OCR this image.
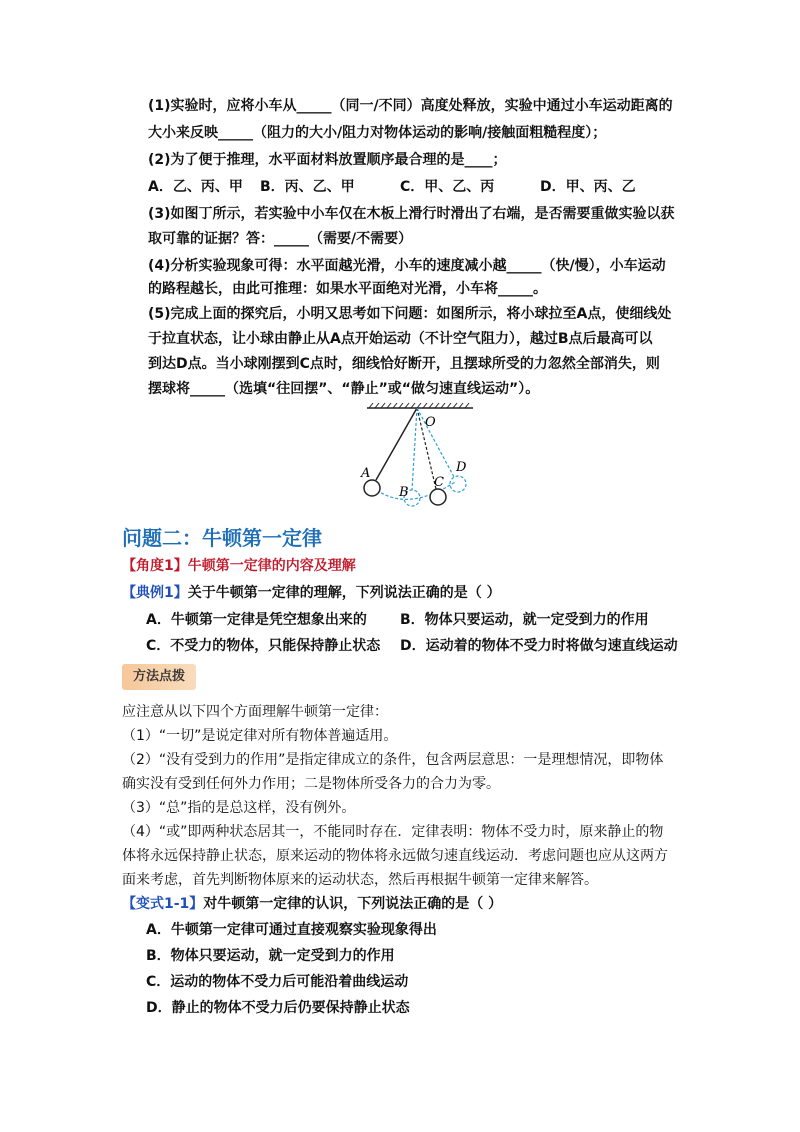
(1)实验时，应将小车从_____（同一/不同）高度处释放，实验中通过小车运动距离的
大小来反映_____（阻力的大小/阻力对物体运动的影响/接触面粗糙程度）；
(2)为了便于推理，水平面材料放置顺序最合理的是____；
A．乙、丙、甲 B．丙、乙、甲	C．甲、乙、丙	D．甲、丙、乙
(3)如图丁所示，若实验中小车仅在木板上滑行时滑出了右端，是否需要重做实验以获
取可靠的证据？答：_____（需要/不需要）
(4)分析实验现象可得：水平面越光滑，小车的速度减小越_____（快/慢），小车运动
的路程越长，由此可推理：如果水平面绝对光滑，小车将_____。
(5)完成上面的探究后，小明又思考如下问题：如图所示，将小球拉至A点，使细线处
于拉直状态，让小球由静止从A点开始运动（不计空气阻力），越过B点后最高可以
到达D点。当小球刚摆到C点时，细线恰好断开，且摆球所受的力忽然全部消失，则
摆球将_____（选填“往回摆”、“静止”或“做匀速直线运动”）。
O
A
B
C
D
问题二：牛顿第一定律
【角度1】牛顿第一定律的内容及理解
【典例1】关于牛顿第一定律的理解，下列说法正确的是（ ）
A．牛顿第一定律是凭空想象出来的 B．物体只要运动，就一定受到力的作用
C．不受力的物体，只能保持静止状态 D．运动着的物体不受力时将做匀速直线运动
方法点拨
应注意从以下四个方面理解牛顿第一定律：
（1）“一切”是说定律对所有物体普遍适用。
（2）“没有受到力的作用”是指定律成立的条件，包含两层意思：一是理想情况，即物体
确实没有受到任何外力作用；二是物体所受各力的合力为零。
（3）“总”指的是总这样，没有例外。
（4）“或”即两种状态居其一，不能同时存在．定律表明：物体不受力时，原来静止的物
体将永远保持静止状态，原来运动的物体将永远做匀速直线运动．考虑问题也应从这两方
面来考虑，首先判断物体原来的运动状态，然后再根据牛顿第一定律来解答。
【变式1-1】对牛顿第一定律的认识，下列说法正确的是（ ）
A．牛顿第一定律可通过直接观察实验现象得出
B．物体只要运动，就一定受到力的作用
C．运动的物体不受力后可能沿着曲线运动
D．静止的物体不受力后仍要保持静止状态
